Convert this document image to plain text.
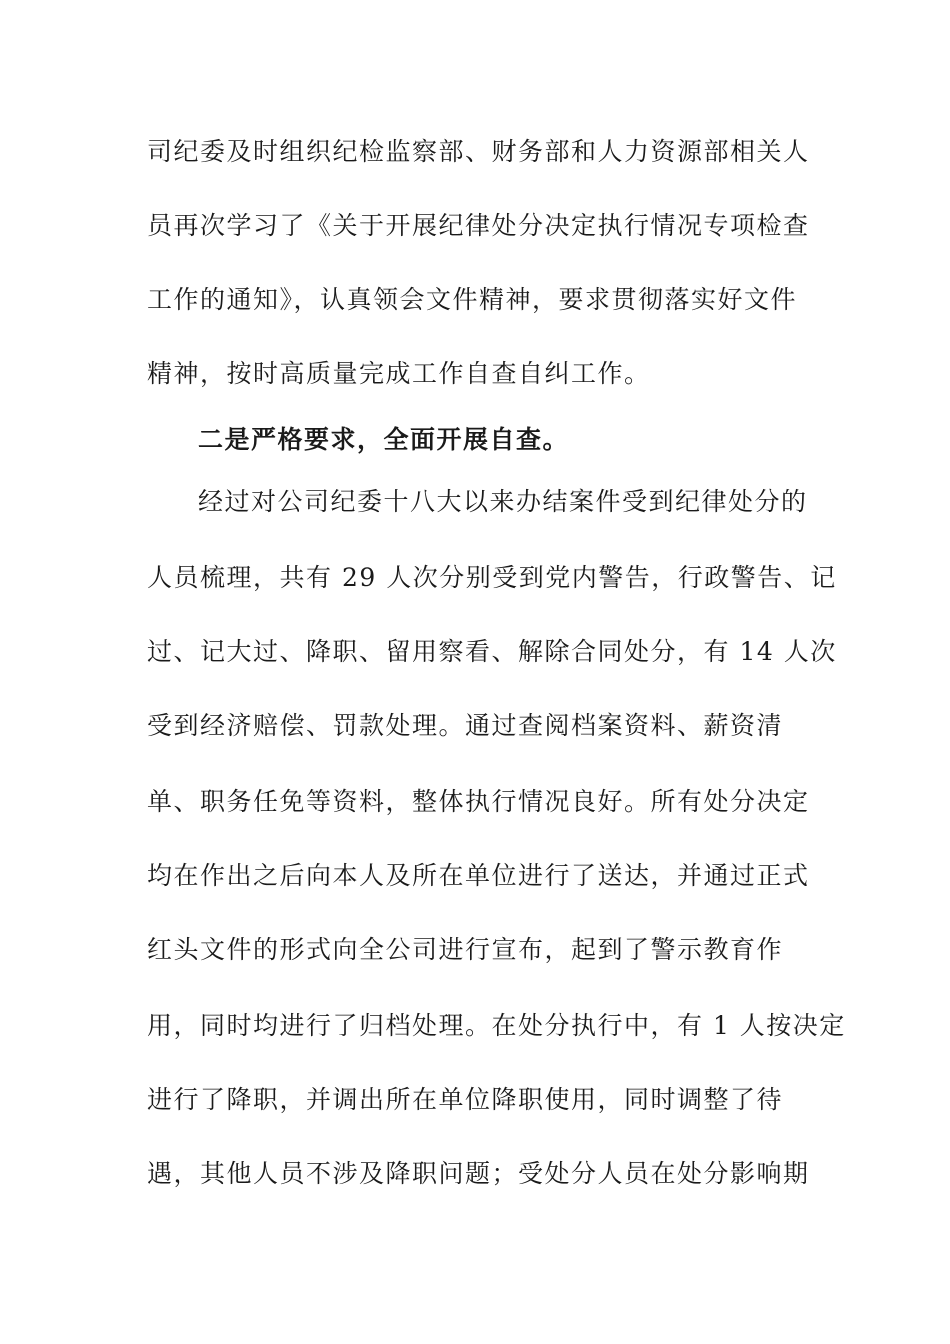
司纪委及时组织纪检监察部、财务部和人力资源部相关人
员再次学习了《关于开展纪律处分决定执行情况专项检查
工作的通知》，认真领会文件精神，要求贯彻落实好文件
精神，按时高质量完成工作自查自纠工作。
二是严格要求，全面开展自查。
经过对公司纪委十八大以来办结案件受到纪律处分的
人员梳理，共有 29 人次分别受到党内警告，行政警告、记
过、记大过、降职、留用察看、解除合同处分，有 14 人次
受到经济赔偿、罚款处理。通过查阅档案资料、薪资清
单、职务任免等资料，整体执行情况良好。所有处分决定
均在作出之后向本人及所在单位进行了送达，并通过正式
红头文件的形式向全公司进行宣布，起到了警示教育作
用，同时均进行了归档处理。在处分执行中，有 1 人按决定
进行了降职，并调出所在单位降职使用，同时调整了待
遇，其他人员不涉及降职问题；受处分人员在处分影响期
